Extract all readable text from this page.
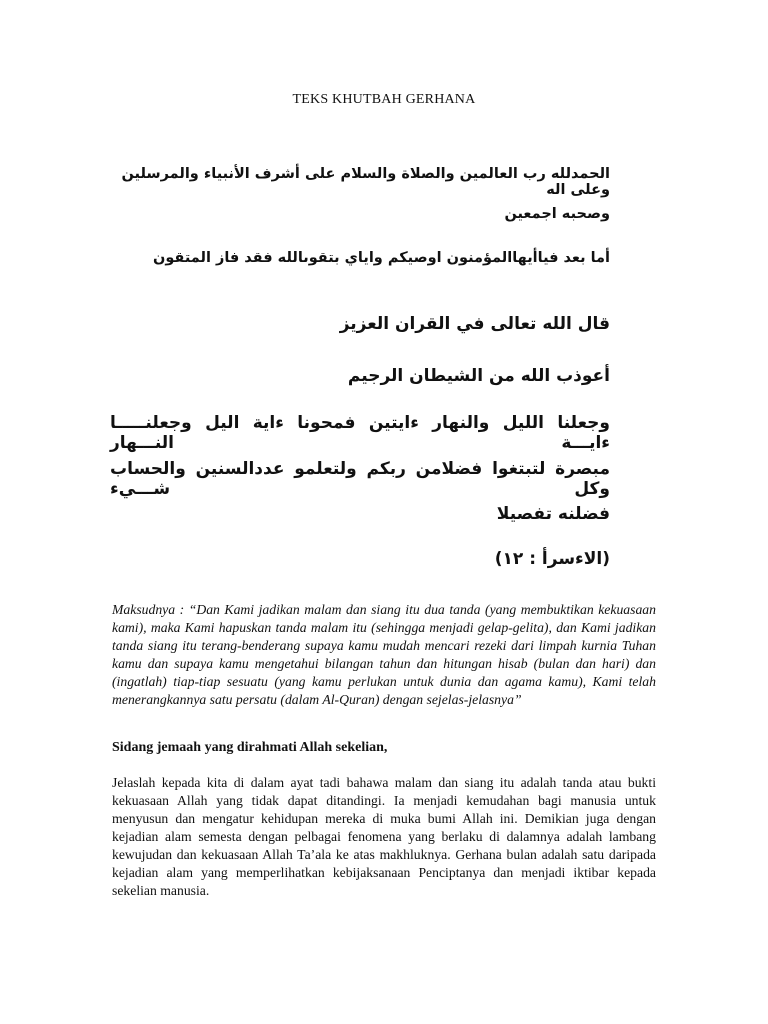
TEKS KHUTBAH GERHANA
الحمدلله رب العالمين والصلاة والسلام على أشرف الأنبياء والمرسلين وعلى اله
وصحبه اجمعين
أما بعد فياأيهاالمؤمنون اوصيكم واياي بتقوىالله فقد فاز المتقون
قال الله تعالى في القران العزيز
أعوذب الله من الشيطان الرجيم
وجعلنا الليل والنهار ءايتين فمحونا ءاية اليل وجعلنـــــا ءايـــة النـــهار
مبصرة لتبتغوا فضلامن ربكم ولتعلمو عددالسنين والحساب وكل شـــيء
فضلنه تفصيلا
(الاءسرأ : ١٢)

Maksudnya : “Dan Kami jadikan malam dan siang itu dua tanda (yang membuktikan kekuasaan kami), maka Kami hapuskan tanda malam itu (sehingga menjadi gelap-gelita), dan Kami jadikan tanda siang itu terang-benderang supaya kamu mudah mencari rezeki dari limpah kurnia Tuhan kamu dan supaya kamu mengetahui bilangan tahun dan hitungan hisab (bulan dan hari) dan (ingatlah) tiap-tiap sesuatu (yang kamu perlukan untuk dunia dan agama kamu), Kami telah menerangkannya satu persatu (dalam Al-Quran) dengan sejelas-jelasnya”

Sidang jemaah yang dirahmati Allah sekelian,

Jelaslah kepada kita di dalam ayat tadi bahawa malam dan siang itu adalah tanda atau bukti kekuasaan Allah yang tidak dapat ditandingi. Ia menjadi kemudahan bagi manusia untuk menyusun dan mengatur kehidupan mereka di muka bumi Allah ini. Demikian juga dengan kejadian alam semesta dengan pelbagai fenomena yang berlaku di dalamnya adalah lambang kewujudan dan kekuasaan Allah Ta’ala ke atas makhluknya. Gerhana bulan adalah satu daripada kejadian alam yang memperlihatkan kebijaksanaan Penciptanya dan menjadi iktibar kepada sekelian manusia.
